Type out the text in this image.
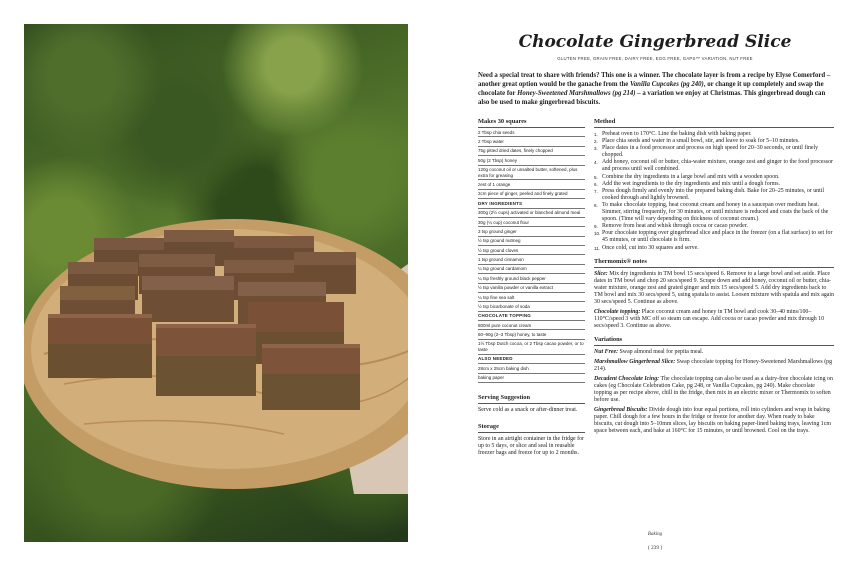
Chocolate Gingerbread Slice
GLUTEN FREE, GRAIN FREE, DAIRY FREE, EGG FREE, GAPS™ VARIATION, NUT FREE

Need a special treat to share with friends? This one is a winner. The chocolate layer is from a recipe by Elyse Comerford – another great option would be the ganache from the Vanilla Cupcakes (pg 240), or change it up completely and swap the chocolate for Honey-Sweetened Marshmallows (pg 214) – a variation we enjoy at Christmas. This gingerbread dough can also be used to make gingerbread biscuits.

Makes 30 squares
2 Tbsp chia seeds
2 Tbsp water
75g pitted dried dates, finely chopped
50g (2 Tbsp) honey
120g coconut oil or unsalted butter, softened, plus extra for greasing
zest of 1 orange
2cm piece of ginger, peeled and finely grated
DRY INGREDIENTS
300g (2½ cups) activated or blanched almond meal
30g (¼ cup) coconut flour
3 tsp ground ginger
½ tsp ground nutmeg
½ tsp ground cloves
1 tsp ground cinnamon
¼ tsp ground cardamom
¼ tsp freshly ground black pepper
½ tsp vanilla powder or vanilla extract
¼ tsp fine sea salt
½ tsp bicarbonate of soda
CHOCOLATE TOPPING
800ml pure coconut cream
60–90g (2–3 Tbsp) honey, to taste
1½ Tbsp Dutch cocoa, or 2 Tbsp cacao powder, or to taste
ALSO NEEDED
28cm x 25cm baking dish
baking paper
Serving Suggestion

Serve cold as a snack or after-dinner treat.

Storage

Store in an airtight container in the fridge for up to 5 days, or slice and seal in reusable freezer bags and freeze for up to 2 months.

Method
1. Preheat oven to 170°C. Line the baking dish with baking paper.
2. Place chia seeds and water in a small bowl, stir, and leave to soak for 5–10 minutes.
3. Place dates in a food processor and process on high speed for 20–30 seconds, or until finely chopped.
4. Add honey, coconut oil or butter, chia-water mixture, orange zest and ginger to the food processor and process until well combined.
5. Combine the dry ingredients in a large bowl and mix with a wooden spoon.
6. Add the wet ingredients to the dry ingredients and mix until a dough forms.
7. Press dough firmly and evenly into the prepared baking dish. Bake for 20–25 minutes, or until cooked through and lightly browned.
8. To make chocolate topping, heat coconut cream and honey in a saucepan over medium heat. Simmer, stirring frequently, for 30 minutes, or until mixture is reduced and coats the back of the spoon. (Time will vary depending on thickness of coconut cream.)
9. Remove from heat and whisk through cocoa or cacao powder.
10. Pour chocolate topping over gingerbread slice and place in the freezer (on a flat surface) to set for 45 minutes, or until chocolate is firm.
11. Once cold, cut into 30 squares and serve.
Thermomix® notes

Slice: Mix dry ingredients in TM bowl 15 secs/speed 6. Remove to a large bowl and set aside. Place dates in TM bowl and chop 20 secs/speed 9. Scrape down and add honey, coconut oil or butter, chia-water mixture, orange zest and grated ginger and mix 15 secs/speed 5. Add dry ingredients back to TM bowl and mix 30 secs/speed 5, using spatula to assist. Loosen mixture with spatula and mix again 30 secs/speed 5. Continue as above.

Chocolate topping: Place coconut cream and honey in TM bowl and cook 30–40 mins/100–110°C/speed 3 with MC off so steam can escape. Add cocoa or cacao powder and mix through 10 secs/speed 3. Continue as above.

Variations

Nut Free: Swap almond meal for pepita meal.

Marshmallow Gingerbread Slice: Swap chocolate topping for Honey-Sweetened Marshmallows (pg 214).

Decadent Chocolate Icing: The chocolate topping can also be used as a dairy-free chocolate icing on cakes (eg Chocolate Celebration Cake, pg 248, or Vanilla Cupcakes, pg 240). Make chocolate topping as per recipe above, chill in the fridge, then mix in an electric mixer or Thermomix to soften before use.

Gingerbread Biscuits: Divide dough into four equal portions, roll into cylinders and wrap in baking paper. Chill dough for a few hours in the fridge or freeze for another day. When ready to bake biscuits, cut dough into 5–10mm slices, lay biscuits on baking paper-lined baking trays, leaving 1cm space between each, and bake at 160°C for 15 minutes, or until browned. Cool on the trays.

Baking
( 239 )
